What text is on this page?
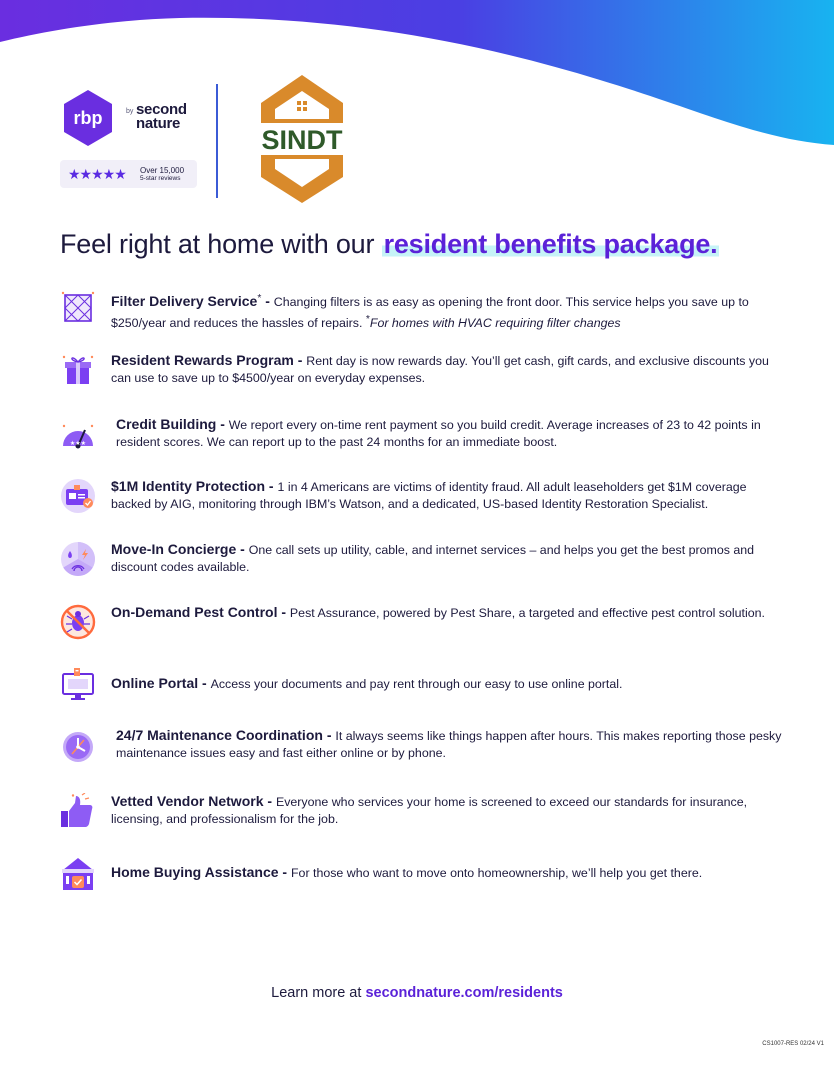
rbp	by second
nature
★★★★★ Over 15,000
5-star reviews
SINDT
Feel right at home with our resident benefits package.
Filter Delivery Service* - Changing filters is as easy as opening the front door. This service helps you save up to $250/year and reduces the hassles of repairs. *For homes with HVAC requiring filter changes
Resident Rewards Program - Rent day is now rewards day. You’ll get cash, gift cards, and exclusive discounts you can use to save up to $4500/year on everyday expenses.
★★★
Credit Building - We report every on-time rent payment so you build credit. Average increases of 23 to 42 points in resident scores. We can report up to the past 24 months for an immediate boost.
$1M Identity Protection - 1 in 4 Americans are victims of identity fraud. All adult leaseholders get $1M coverage backed by AIG, monitoring through IBM’s Watson, and a dedicated, US-based Identity Restoration Specialist.
Move-In Concierge - One call sets up utility, cable, and internet services – and helps you get the best promos and discount codes available.
On-Demand Pest Control - Pest Assurance, powered by Pest Share, a targeted and effective pest control solution.
Online Portal - Access your documents and pay rent through our easy to use online portal.
24/7 Maintenance Coordination - It always seems like things happen after hours. This makes reporting those pesky maintenance issues easy and fast either online or by phone.
Vetted Vendor Network - Everyone who services your home is screened to exceed our standards for insurance, licensing, and professionalism for the job.
Home Buying Assistance - For those who want to move onto homeownership, we’ll help you get there.
Learn more at secondnature.com/residents
CS1007-RES 02/24 V1
